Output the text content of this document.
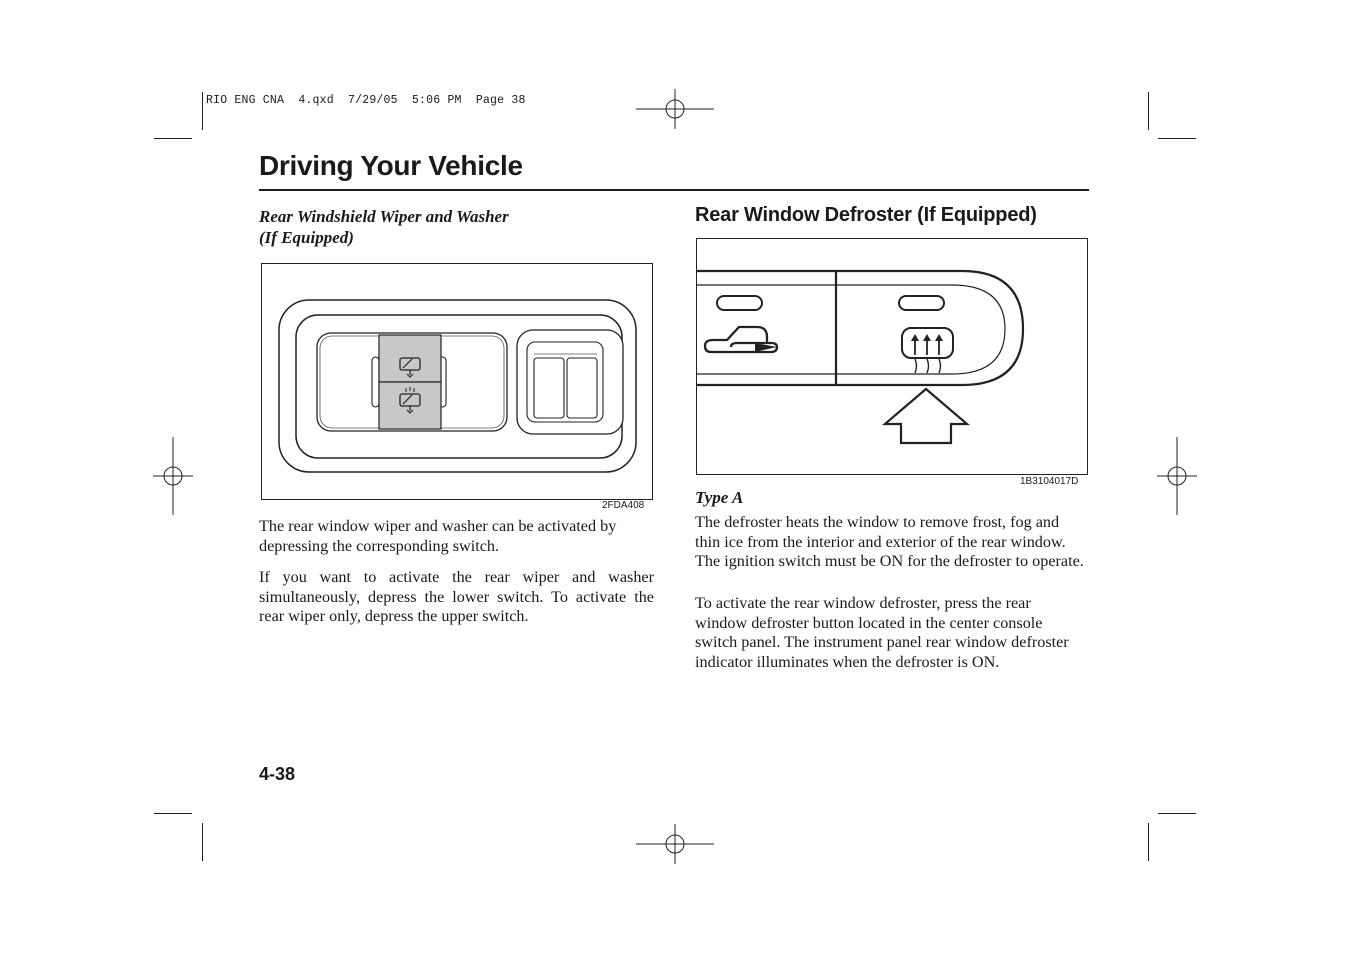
RIO ENG CNA  4.qxd  7/29/05  5:06 PM  Page 38
Driving Your Vehicle
Rear Windshield Wiper and Washer
(If Equipped)
2FDA408
The rear window wiper and washer can be activated by depressing the corresponding switch.
If you want to activate the rear wiper and washer simultaneously, depress the lower switch. To activate the rear wiper only, depress the upper switch.
Rear Window Defroster (If Equipped)
1B3104017D
Type A
The defroster heats the window to remove frost, fog and thin ice from the interior and exterior of the rear window. The ignition switch must be ON for the defroster to operate.
To activate the rear window defroster, press the rear window defroster button located in the center console switch panel. The instrument panel rear window defroster indicator illuminates when the defroster is ON.
4-38
